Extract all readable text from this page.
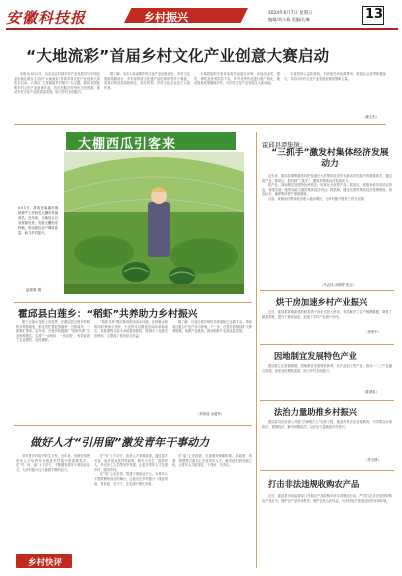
安徽科技报	乡村振兴	2024年6月7日 星期五
编辑/刘小燕 美编/孔琳	13
“大地流彩”首届乡村文化产业创意大赛启动

本报讯 6月2日，由农业农村部乡村产业发展司与中国农业出版社联合主办的“大地流彩”首届乡村文化产业创意大赛在京启动。大赛以“文化赋能乡村振兴”为主题，面向全国征集乡村文化产业创意作品，旨在挖掘乡村特色文化资源，推动乡村文化产业高质量发展，助力乡村全面振兴。

据了解，本次大赛设置乡村文化产业创意设计、乡村文化旅游线路设计、乡村非物质文化遗产活化利用等多个赛道，参赛对象包括高校师生、设计机构、乡村文化企业及个人创作者。

大赛将组织专家对参赛作品进行评审，评选出金奖、银奖、铜奖及优秀奖若干名，并对优秀作品进行推广转化，推动创意成果落地乡村，为乡村文化产业发展注入新动能。

大赛坚持公益性原则，不收取任何参赛费用，欢迎社会各界积极参与，共同为乡村文化产业发展贡献智慧和力量。

（龚文杰）
大棚西瓜引客来

6月1日，游客在巢湖市炯炀镇牛王村西瓜大棚内采摘西瓜。近年来，当地结合自身资源优势，发展大棚西瓜种植，带动周边农户增收致富，助力乡村振兴。

赵源源 摄
霍邱县白莲乡：“稻虾”共养助力乡村振兴

眼下正值小龙虾上市旺季，在霍邱县白莲乡的稻虾共养基地里，虾农们忙着起笼捕虾、分拣装车，一派繁忙景象。近年来，白莲乡积极推广“稻虾共养”生态种养模式，实现“一水两用、一田双收”，有效促进了农业增效、农民增收。

“稻虾共养”模式利用稻田浅水环境，在种植水稻的同时养殖小龙虾，小龙虾可以摄食田间杂草和害虫，其排泄物又能为水稻提供肥料，既减少了化肥农药使用，又提高了稻田综合效益。

据了解，目前白莲乡稻虾共养面积已达数千亩，带动周边数百户农户参与养殖。下一步，白莲乡将继续扩大种养规模，延伸产业链条，推动稻虾产业高质量发展。

（刘家清 余道军）
做好人才“引用留”激发青年干事动力

青年是乡村振兴的生力军。近年来，各地坚持把青年人才培养作为推进乡村振兴的重要抓手，在“引、用、留”上下功夫，不断激发青年干事创业动力，为乡村振兴注入源源不断的活力。

在“引”上下功夫，拓宽人才来源渠道。通过招才引智、返乡创业扶持等政策，吸引大学生、退役军人、外出务工人员等回乡发展，让更多青年人才扎根乡村、服务乡村。

在“用”上出实招，搭建干事创业平台。为青年人才提供锻炼成长的舞台，让他们在乡村振兴一线经风雨、见世面、长才干，在实践中增长本领。

在“留”上见真情，完善服务保障机制。从政策、待遇、情感等方面关心关爱青年人才，解决他们的后顾之忧，让青年人才留得住、干得好、有奔头。

乡村快评
霍邱县谭集镇：
“三抓手”激发村集体经济发展动力

近年来，霍邱县谭集镇坚持把发展壮大村集体经济作为推动乡村振兴的重要抓手，通过抓产业、抓项目、抓机制“三抓手”，激发村集体经济发展动力。

抓产业，因地制宜发展特色种养业，培育壮大优势产业；抓项目，积极争取各类项目资金，谋划实施一批带动能力强的集体经济项目；抓机制，健全完善村集体经济管理制度，规范运行，确保集体资产保值增值。

目前，该镇各村集体经济收入稳步增长，为乡村振兴提供了有力支撑。

（马志伟 余婷婷 张宝）
烘干房加速乡村产业振兴

近日，霍邱县某镇新建的粮食烘干房正式投入使用，有效解决了农户晾晒难题，降低了粮食损耗，提升了粮食品质，加速了乡村产业振兴步伐。

（李贵中）
因地制宜发展特色产业

霍邱县立足资源禀赋，因地制宜发展特色种养、农产品加工等产业，推动一二三产业融合发展，拓宽农民增收渠道，助力乡村全面振兴。

（霍城宣）
法治力量助推乡村振兴

霍邱县司法局深入开展“法律明白人”培养工程，推进乡村法治宣传教育，引导群众办事依法、遇事找法、解决问题用法，以法治力量助推乡村振兴。

（许文倩）
打击非法违规收购农产品

近日，霍邱县市场监管部门开展农产品收购市场专项整治行动，严厉打击非法违规收购农产品行为，维护农产品市场秩序，保护农民合法权益，为乡村振兴营造良好的市场环境。
